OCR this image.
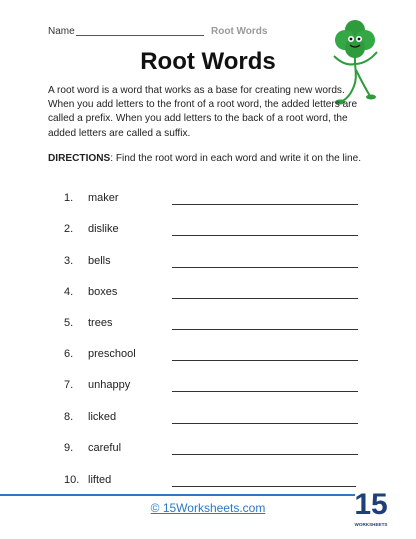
Name	Root Words
Root Words
A root word is a word that works as a base for creating new words. When you add letters to the front of a root word, the added letters are called a prefix. When you add letters to the back of a root word, the added letters are called a suffix.
DIRECTIONS: Find the root word in each word and write it on the line.
1. maker
2. dislike
3. bells
4. boxes
5. trees
6. preschool
7. unhappy
8. licked
9. careful
10. lifted
© 15Worksheets.com	15
WORKSHEETS
